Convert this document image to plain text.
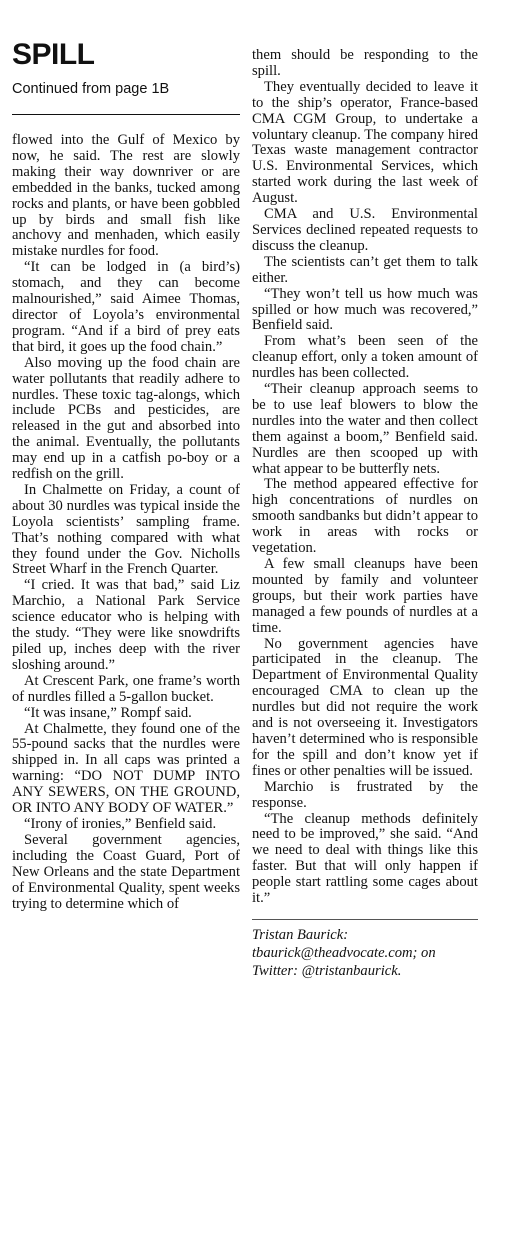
SPILL
Continued from page 1B

flowed into the Gulf of Mexico by now, he said. The rest are slowly making their way downriver or are embedded in the banks, tucked among rocks and plants, or have been gobbled up by birds and small fish like anchovy and menhaden, which easily mistake nurdles for food.

“It can be lodged in (a bird’s) stomach, and they can become malnourished,” said Aimee Thomas, director of Loyola’s environmental program. “And if a bird of prey eats that bird, it goes up the food chain.”

Also moving up the food chain are water pollutants that readily adhere to nurdles. These toxic tag-alongs, which include PCBs and pesticides, are released in the gut and absorbed into the animal. Eventually, the pollutants may end up in a catfish po-boy or a redfish on the grill.

In Chalmette on Friday, a count of about 30 nurdles was typical inside the Loyola scientists’ sampling frame. That’s nothing compared with what they found under the Gov. Nicholls Street Wharf in the French Quarter.

“I cried. It was that bad,” said Liz Marchio, a National Park Service science educator who is helping with the study. “They were like snowdrifts piled up, inches deep with the river sloshing around.”

At Crescent Park, one frame’s worth of nurdles filled a 5-gallon bucket.

“It was insane,” Rompf said.

At Chalmette, they found one of the 55-pound sacks that the nurdles were shipped in. In all caps was printed a warning: “DO NOT DUMP INTO ANY SEWERS, ON THE GROUND, OR INTO ANY BODY OF WATER.”

“Irony of ironies,” Benfield said.

Several government agencies, including the Coast Guard, Port of New Orleans and the state Department of Environmental Quality, spent weeks trying to determine which of

them should be responding to the spill.

They eventually decided to leave it to the ship’s operator, France-based CMA CGM Group, to undertake a voluntary cleanup. The company hired Texas waste management contractor U.S. Environmental Services, which started work during the last week of August.

CMA and U.S. Environmental Services declined repeated requests to discuss the cleanup.

The scientists can’t get them to talk either.

“They won’t tell us how much was spilled or how much was recovered,” Benfield said.

From what’s been seen of the cleanup effort, only a token amount of nurdles has been collected.

“Their cleanup approach seems to be to use leaf blowers to blow the nurdles into the water and then collect them against a boom,” Benfield said. Nurdles are then scooped up with what appear to be butterfly nets.

The method appeared effective for high concentrations of nurdles on smooth sandbanks but didn’t appear to work in areas with rocks or vegetation.

A few small cleanups have been mounted by family and volunteer groups, but their work parties have managed a few pounds of nurdles at a time.

No government agencies have participated in the cleanup. The Department of Environmental Quality encouraged CMA to clean up the nurdles but did not require the work and is not overseeing it. Investigators haven’t determined who is responsible for the spill and don’t know yet if fines or other penalties will be issued.

Marchio is frustrated by the response.

“The cleanup methods definitely need to be improved,” she said. “And we need to deal with things like this faster. But that will only happen if people start rattling some cages about it.”

Tristan Baurick: tbaurick@theadvocate.com; on Twitter: @tristanbaurick.
